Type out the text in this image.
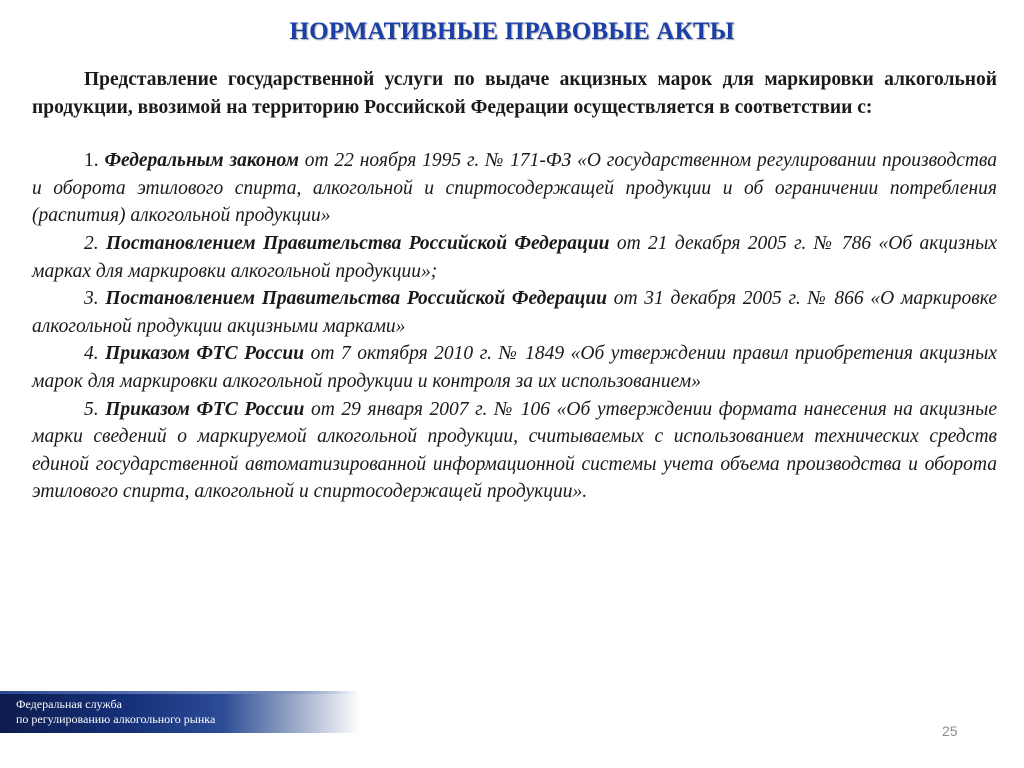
НОРМАТИВНЫЕ ПРАВОВЫЕ АКТЫ

Представление государственной услуги по выдаче акцизных марок для маркировки алкогольной продукции, ввозимой на территорию Российской Федерации осуществляется в соответствии с:

1. Федеральным законом от 22 ноября 1995 г. № 171-ФЗ «О государственном регулировании производства и оборота этилового спирта, алкогольной и спиртосодержащей продукции и об ограничении потребления (распития) алкогольной продукции»

2. Постановлением Правительства Российской Федерации от 21 декабря 2005 г. № 786 «Об акцизных марках для маркировки алкогольной продукции»;

3. Постановлением Правительства Российской Федерации от 31 декабря 2005 г. № 866 «О маркировке алкогольной продукции акцизными марками»

4. Приказом ФТС России от 7 октября 2010 г. № 1849 «Об утверждении правил приобретения акцизных марок для маркировки алкогольной продукции и контроля за их использованием»

5. Приказом ФТС России от 29 января 2007 г. № 106 «Об утверждении формата нанесения на акцизные марки сведений о маркируемой алкогольной продукции, считываемых с использованием технических средств единой государственной автоматизированной информационной системы учета объема производства и оборота этилового спирта, алкогольной и спиртосодержащей продукции».

Федеральная служба
по регулированию алкогольного рынка
25
